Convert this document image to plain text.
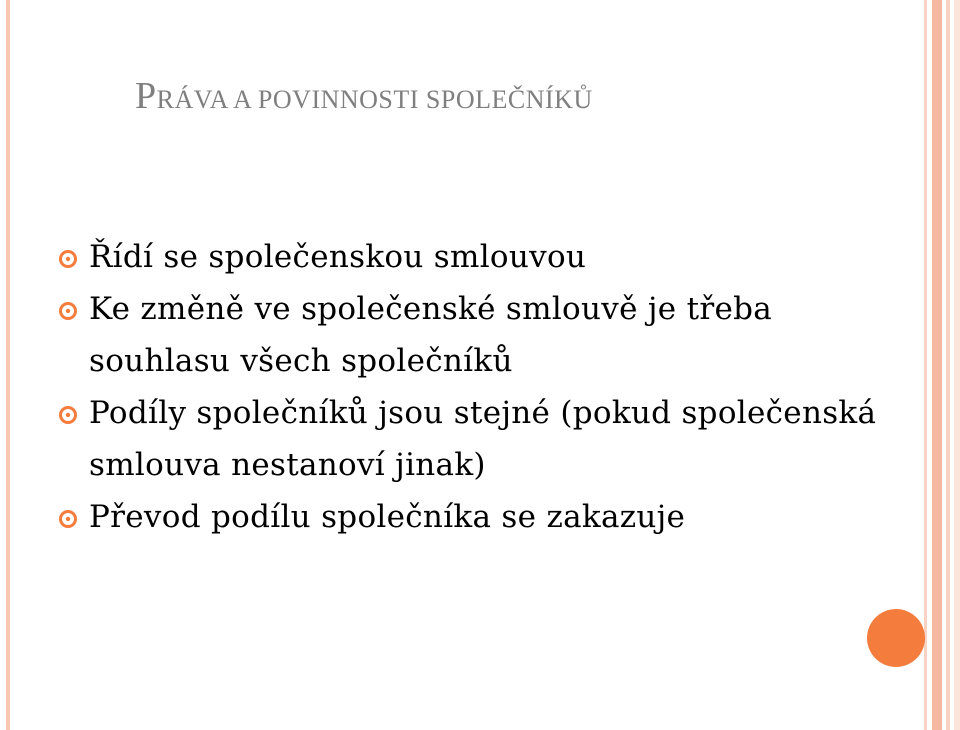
PRÁVA A POVINNOSTI SPOLEČNÍKŮ
Řídí se společenskou smlouvou
Ke změně ve společenské smlouvě je třeba souhlasu všech společníků
Podíly společníků jsou stejné (pokud společenská smlouva nestanoví jinak)
Převod podílu společníka se zakazuje
